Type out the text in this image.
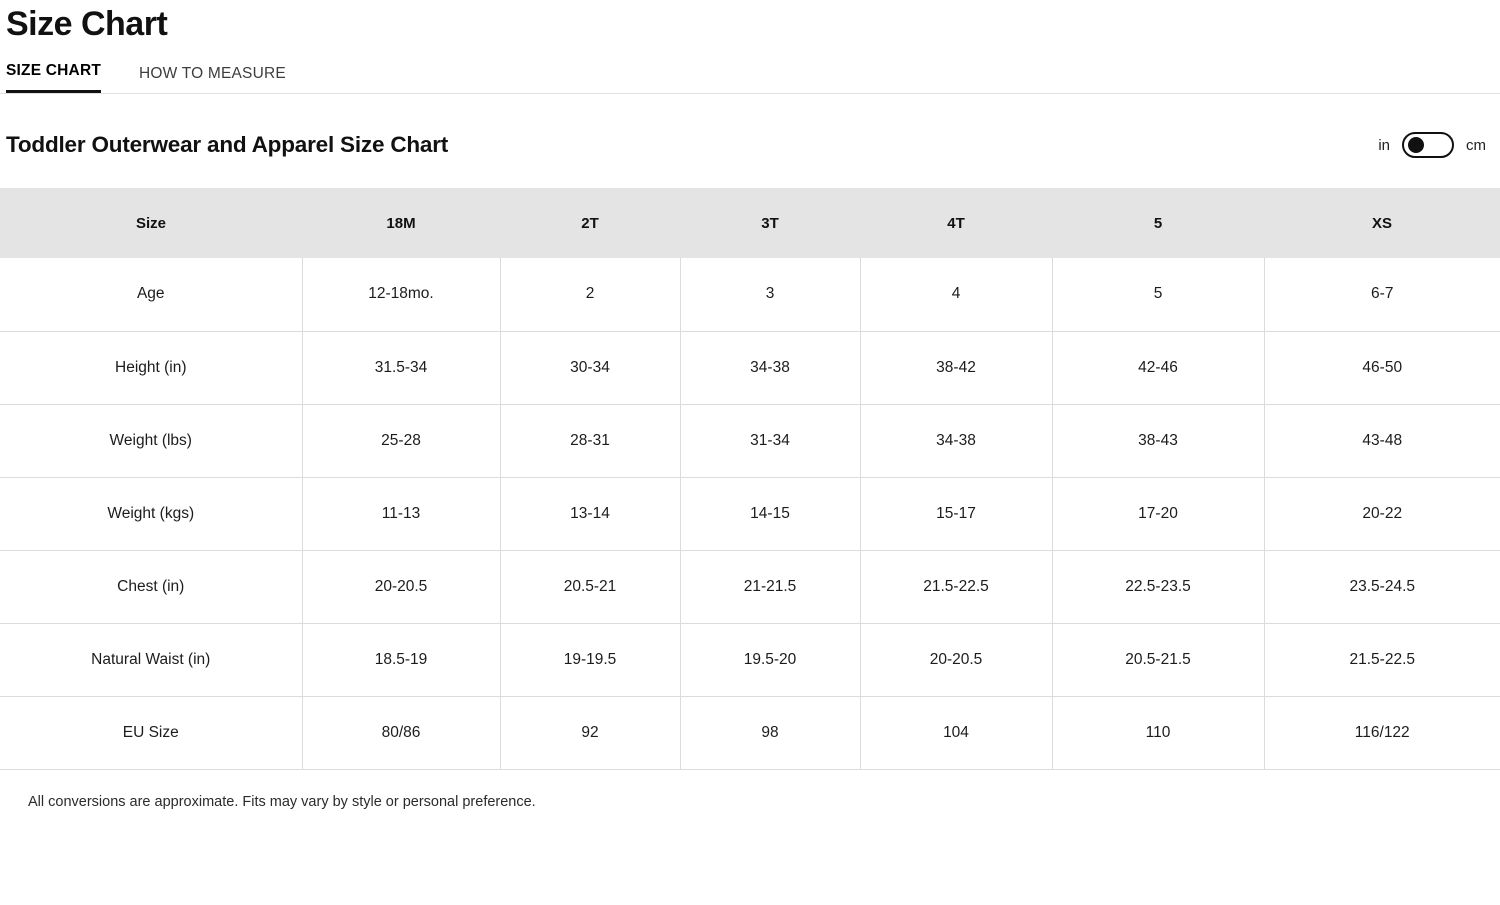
Size Chart
SIZE CHART HOW TO MEASURE
Toddler Outerwear and Apparel Size Chart	in	cm
Size	18M	2T	3T	4T	5	XS
Age	12-18mo.	2	3	4	5	6-7
Height (in)	31.5-34	30-34	34-38	38-42	42-46	46-50
Weight (lbs)	25-28	28-31	31-34	34-38	38-43	43-48
Weight (kgs)	11-13	13-14	14-15	15-17	17-20	20-22
Chest (in)	20-20.5	20.5-21	21-21.5	21.5-22.5	22.5-23.5	23.5-24.5
Natural Waist (in)	18.5-19	19-19.5	19.5-20	20-20.5	20.5-21.5	21.5-22.5
EU Size	80/86	92	98	104	110	116/122
All conversions are approximate. Fits may vary by style or personal preference.
